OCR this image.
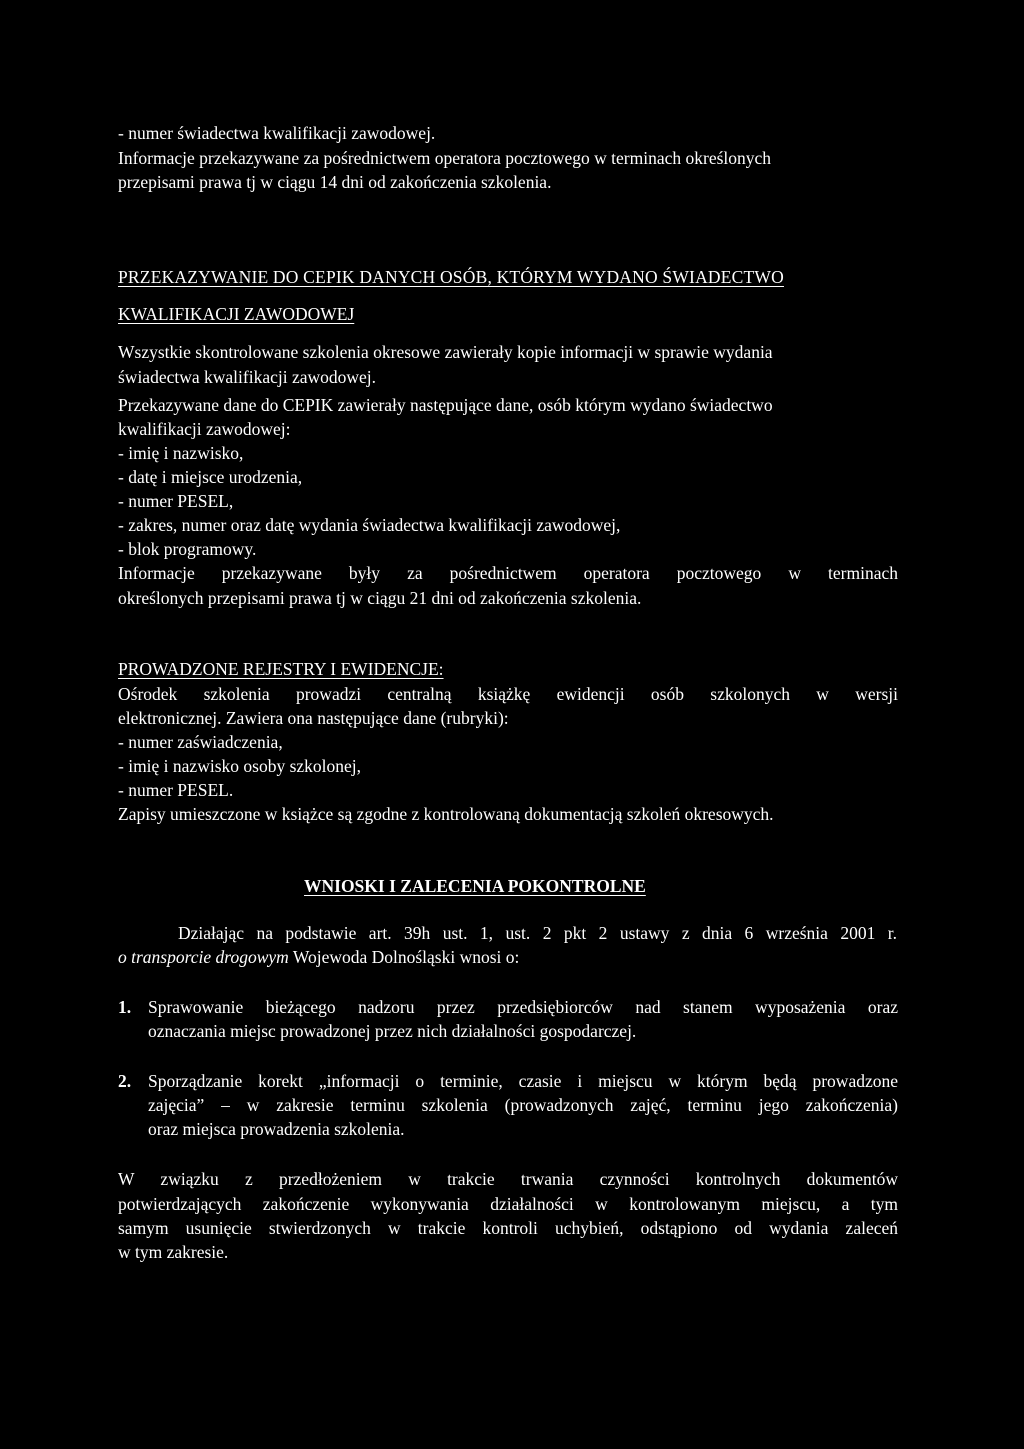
- numer świadectwa kwalifikacji zawodowej.

Informacje przekazywane za pośrednictwem operatora pocztowego w terminach określonych

przepisami prawa tj w ciągu 14 dni od zakończenia szkolenia.

PRZEKAZYWANIE DO CEPIK DANYCH OSÓB, KTÓRYM WYDANO ŚWIADECTWO

KWALIFIKACJI ZAWODOWEJ

Wszystkie skontrolowane szkolenia okresowe zawierały kopie informacji w sprawie wydania

świadectwa kwalifikacji zawodowej.

Przekazywane dane do CEPIK zawierały następujące dane, osób którym wydano świadectwo

kwalifikacji zawodowej:

- imię i nazwisko,

- datę i miejsce urodzenia,

- numer PESEL,

- zakres, numer oraz datę wydania świadectwa kwalifikacji zawodowej,

- blok programowy.

Informacje przekazywane były za pośrednictwem operatora pocztowego w terminach

określonych przepisami prawa tj w ciągu 21 dni od zakończenia szkolenia.

PROWADZONE REJESTRY I EWIDENCJE:

Ośrodek szkolenia prowadzi centralną książkę ewidencji osób szkolonych w wersji

elektronicznej. Zawiera ona następujące dane (rubryki):

- numer zaświadczenia,

- imię i nazwisko osoby szkolonej,

- numer PESEL.

Zapisy umieszczone w książce są zgodne z kontrolowaną dokumentacją szkoleń okresowych.

WNIOSKI I ZALECENIA POKONTROLNE

Działając na podstawie art. 39h ust. 1, ust. 2 pkt 2 ustawy z dnia 6 września 2001 r.

o transporcie drogowym Wojewoda Dolnośląski wnosi o:

1. Sprawowanie bieżącego nadzoru przez przedsiębiorców nad stanem wyposażenia oraz

oznaczania miejsc prowadzonej przez nich działalności gospodarczej.

2. Sporządzanie korekt „informacji o terminie, czasie i miejscu w którym będą prowadzone

zajęcia” – w zakresie terminu szkolenia (prowadzonych zajęć, terminu jego zakończenia)

oraz miejsca prowadzenia szkolenia.

W związku z przedłożeniem w trakcie trwania czynności kontrolnych dokumentów

potwierdzających zakończenie wykonywania działalności w kontrolowanym miejscu, a tym

samym usunięcie stwierdzonych w trakcie kontroli uchybień, odstąpiono od wydania zaleceń

w tym zakresie.
